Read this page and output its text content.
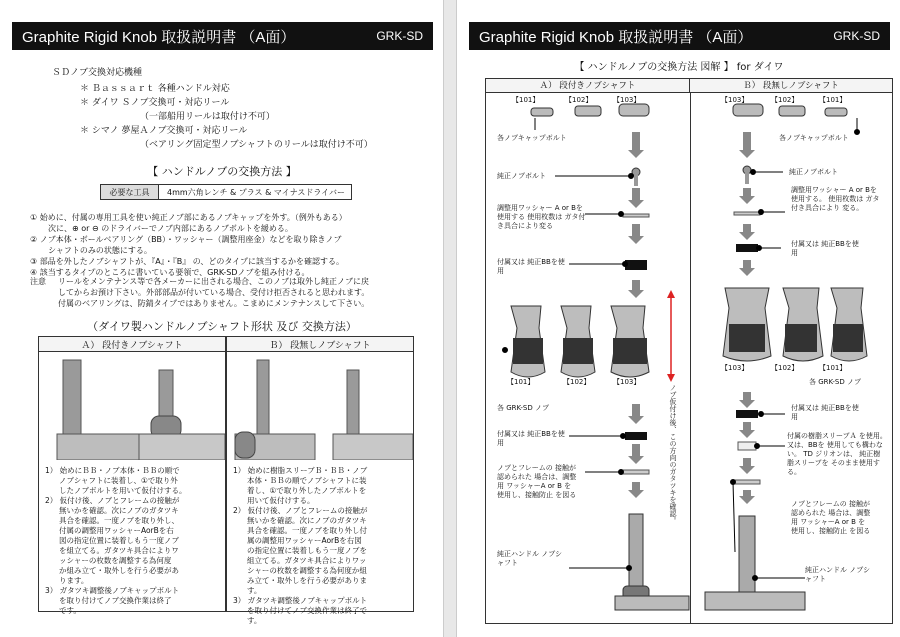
Graphite Rigid Knob 取扱説明書 （A面）	GRK-SD
ＳＤノブ交換対応機種
＊ Ｂａｓｓａｒｔ 各種ハンドル対応
＊ ダイワ Ｓノブ交換可・対応リール
（一部船用リールは取付け不可）
＊ シマノ 夢屋Ａノブ交換可・対応リール
（ベアリング固定型ノブシャフトのリールは取付け不可）
【 ハンドルノブの交換方法 】
必要な工具	4mm六角レンチ & プラス & マイナスドライバー
① 始めに、付属の専用工具を使い純正ノブ部にあるノブキャップを外す。（例外もある）
次に、⊕ or ⊖ のドライバーでノブ内部にあるノブボルトを緩める。
② ノブ本体・ボールベアリング（BB）・ワッシャー（調整用座金）などを取り除きノブ
シャフトのみの状態にする。
③ 部品を外したノブシャフトが、『A』・『B』 の、どのタイプに該当するかを確認する。
④ 該当するタイプのところに書いている要領で、GRK-SDノブを組み付ける。
注意 リールをメンテナンス等で各メーカーに出される場合、このノブは取外し純正ノブに戻
してからお預け下さい。外部部品が付いている場合、受付け拒否されると思われます。
付属のベアリングは、防錆タイプではありません。こまめにメンテナンスして下さい。
（ダイワ製ハンドルノブシャフト形状 及び 交換方法）
Ａ） 段付きノブシャフト
1） 始めにＢＢ・ノブ本体・ＢＢの順で
ノブシャフトに装着し、①で取り外
したノブボルトを用いて仮付けする。
2） 仮付け後、ノブとフレームの接触が
無いかを確認。次にノブのガタツキ
具合を確認。一度ノブを取り外し、
付属の調整用ワッシャーAorBを右
図の指定位置に装着しもう一度ノブ
を組立てる。ガタツキ具合によりワ
ッシャーの枚数を調整する為何度
か組み立て・取外しを行う必要があ
ります。
3） ガタツキ調整後ノブキャップボルト
を取り付けてノブ交換作業は終了
です。
Ｂ） 段無しノブシャフト
1） 始めに樹脂スリーブＢ・ＢＢ・ノブ
本体・ＢＢの順でノブシャフトに装
着し、①で取り外したノブボルトを
用いて仮付けする。
2） 仮付け後、ノブとフレームの接触が
無いかを確認。次にノブのガタツキ
具合を確認。一度ノブを取り外し付
属の調整用ワッシャーAorBを右図
の指定位置に装着しもう一度ノブを
組立てる。ガタツキ具合によりワッ
シャーの枚数を調整する為何度か組
み立て・取外しを行う必要がありま
す。
3） ガタツキ調整後ノブキャップボルト
を取り付けてノブ交換作業は終了で
す。
Graphite Rigid Knob 取扱説明書 （A面）	GRK-SD
【 ハンドルノブの交換方法 図解 】 for ダイワ
Ａ） 段付きノブシャフト	Ｂ） 段無しノブシャフト
【101】	【102】	【103】	【103】	【102】	【101】
各ノブキャップボルト
純正ノブボルト
調整用ワッシャー A or Bを使用する 使用枚数は ガタ付き具合により変る
付属又は 純正BBを使用
各 GRK-SD ノブ
付属又は 純正BBを使用
ノブとフレームの 接触が認められた 場合は、調整用 ワッシャーA or B を使用し、接触防止 を図る
純正ハンドル ノブシャフト
各ノブキャップボルト
純正ノブボルト
調整用ワッシャー A or Bを使用する。 使用枚数は ガタ付き具合により 変る。
付属又は 純正BBを使用
各 GRK-SD ノブ
付属又は 純正BBを使用
付属の樹脂スリーブＡ を使用。又は、BBを 使用しても構わない。 TD ジリオンは、 純正樹脂スリーブを そのまま使用する。
ノブとフレームの 接触が認められた 場合は、調整用 ワッシャーA or B を使用し、接触防止 を図る
純正ハンドル ノブシャフト
【101】	【102】	【103】
【103】	【102】	【101】
ノブ仮付け後、この方向のガタツキを確認。
